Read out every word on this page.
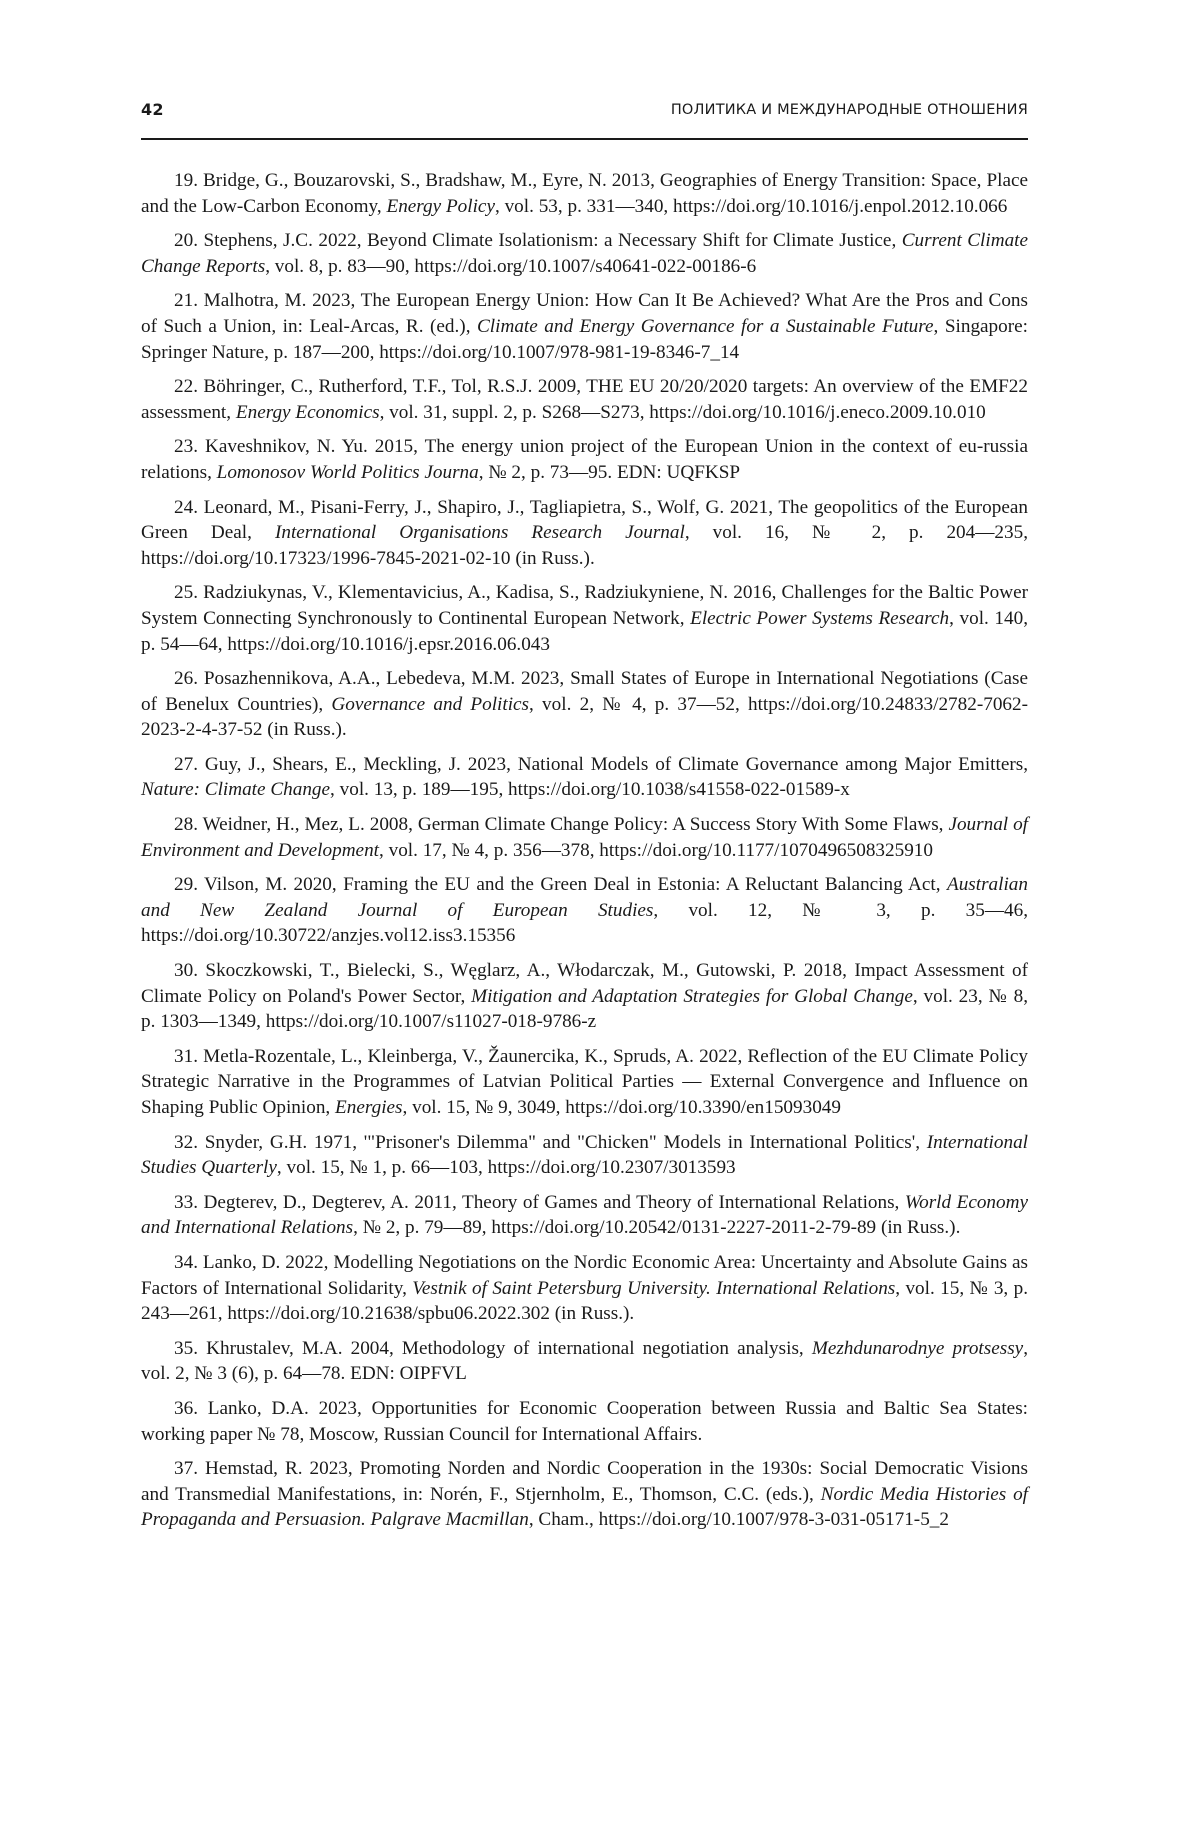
42	ПОЛИТИКА И МЕЖДУНАРОДНЫЕ ОТНОШЕНИЯ

19. Bridge, G., Bouzarovski, S., Bradshaw, M., Eyre, N. 2013, Geographies of Energy Transition: Space, Place and the Low-Carbon Economy, Energy Policy, vol. 53, p. 331—340, https://doi.org/10.1016/j.enpol.2012.10.066

20. Stephens, J.C. 2022, Beyond Climate Isolationism: a Necessary Shift for Climate Justice, Current Climate Change Reports, vol. 8, p. 83—90, https://doi.org/10.1007/s40641-022-00186-6

21. Malhotra, M. 2023, The European Energy Union: How Can It Be Achieved? What Are the Pros and Cons of Such a Union, in: Leal-Arcas, R. (ed.), Climate and Energy Governance for a Sustainable Future, Singapore: Springer Nature, p. 187—200, https://doi.org/10.1007/978-981-19-8346-7_14

22. Böhringer, C., Rutherford, T.F., Tol, R.S.J. 2009, THE EU 20/20/2020 targets: An overview of the EMF22 assessment, Energy Economics, vol. 31, suppl. 2, p. S268—S273, https://doi.org/10.1016/j.eneco.2009.10.010

23. Kaveshnikov, N. Yu. 2015, The energy union project of the European Union in the context of eu-russia relations, Lomonosov World Politics Journa, № 2, p. 73—95. EDN: UQFKSP

24. Leonard, M., Pisani-Ferry, J., Shapiro, J., Tagliapietra, S., Wolf, G. 2021, The geopolitics of the European Green Deal, International Organisations Research Journal, vol. 16, № 2, p. 204—235, https://doi.org/10.17323/1996-7845-2021-02-10 (in Russ.).

25. Radziukynas, V., Klementavicius, A., Kadisa, S., Radziukyniene, N. 2016, Challenges for the Baltic Power System Connecting Synchronously to Continental European Network, Electric Power Systems Research, vol. 140, p. 54—64, https://doi.org/10.1016/j.epsr.2016.06.043

26. Posazhennikova, A.A., Lebedeva, M.M. 2023, Small States of Europe in International Negotiations (Case of Benelux Countries), Governance and Politics, vol. 2, № 4, p. 37—52, https://doi.org/10.24833/2782-7062-2023-2-4-37-52 (in Russ.).

27. Guy, J., Shears, E., Meckling, J. 2023, National Models of Climate Governance among Major Emitters, Nature: Climate Change, vol. 13, p. 189—195, https://doi.org/10.1038/s41558-022-01589-x

28. Weidner, H., Mez, L. 2008, German Climate Change Policy: A Success Story With Some Flaws, Journal of Environment and Development, vol. 17, № 4, p. 356—378, https://doi.org/10.1177/1070496508325910

29. Vilson, M. 2020, Framing the EU and the Green Deal in Estonia: A Reluctant Balancing Act, Australian and New Zealand Journal of European Studies, vol. 12, № 3, p. 35—46, https://doi.org/10.30722/anzjes.vol12.iss3.15356

30. Skoczkowski, T., Bielecki, S., Węglarz, A., Włodarczak, M., Gutowski, P. 2018, Impact Assessment of Climate Policy on Poland's Power Sector, Mitigation and Adaptation Strategies for Global Change, vol. 23, № 8, p. 1303—1349, https://doi.org/10.1007/s11027-018-9786-z

31. Metla-Rozentale, L., Kleinberga, V., Žaunercika, K., Spruds, A. 2022, Reflection of the EU Climate Policy Strategic Narrative in the Programmes of Latvian Political Parties — External Convergence and Influence on Shaping Public Opinion, Energies, vol. 15, № 9, 3049, https://doi.org/10.3390/en15093049

32. Snyder, G.H. 1971, '"Prisoner's Dilemma" and "Chicken" Models in International Politics', International Studies Quarterly, vol. 15, № 1, p. 66—103, https://doi.org/10.2307/3013593

33. Degterev, D., Degterev, A. 2011, Theory of Games and Theory of International Relations, World Economy and International Relations, № 2, p. 79—89, https://doi.org/10.20542/0131-2227-2011-2-79-89 (in Russ.).

34. Lanko, D. 2022, Modelling Negotiations on the Nordic Economic Area: Uncertainty and Absolute Gains as Factors of International Solidarity, Vestnik of Saint Petersburg University. International Relations, vol. 15, № 3, p. 243—261, https://doi.org/10.21638/spbu06.2022.302 (in Russ.).

35. Khrustalev, M.A. 2004, Methodology of international negotiation analysis, Mezhdunarodnye protsessy, vol. 2, № 3 (6), p. 64—78. EDN: OIPFVL

36. Lanko, D.A. 2023, Opportunities for Economic Cooperation between Russia and Baltic Sea States: working paper № 78, Moscow, Russian Council for International Affairs.

37. Hemstad, R. 2023, Promoting Norden and Nordic Cooperation in the 1930s: Social Democratic Visions and Transmedial Manifestations, in: Norén, F., Stjernholm, E., Thomson, C.C. (eds.), Nordic Media Histories of Propaganda and Persuasion. Palgrave Macmillan, Cham., https://doi.org/10.1007/978-3-031-05171-5_2
